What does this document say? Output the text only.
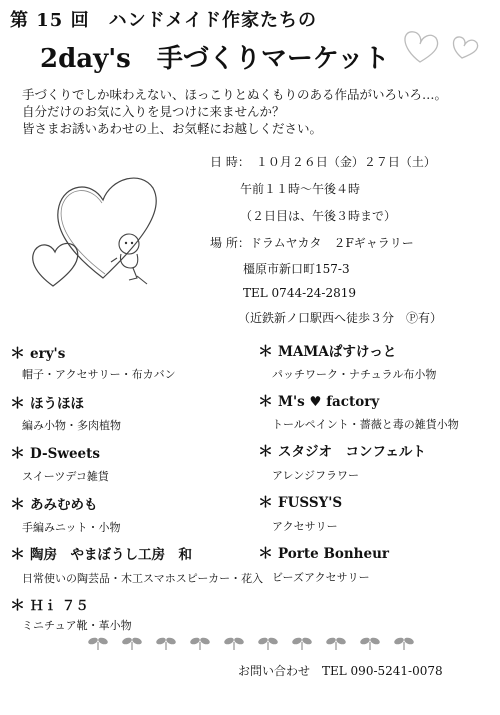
第 15 回　ハンドメイド作家たちの
2day's　手づくりマーケット
手づくりでしか味わえない、ほっこりとぬくもりのある作品がいろいろ…。
自分だけのお気に入りを見つけに来ませんか？
皆さまお誘いあわせの上、お気軽にお越しください。
日 時：　１０月２６日（金）２７日（土）
午前１１時～午後４時
（２日目は、午後３時まで）
場 所：ドラムヤカタ　２Fギャラリー
橿原市新口町157-3
TEL 0744-24-2819
（近鉄新ノ口駅西へ徒歩３分　Ⓟ有）
＊ ery's
帽子・アクセサリー・布カバン
＊ ほうほほ
編み小物・多肉植物
＊ D-Sweets
スイーツデコ雑貨
＊ あみむめも
手編みニット・小物
＊ 陶房　やまぼうし工房　和
日常使いの陶芸品・木工スマホスピーカー・花入
＊ Ｈｉ ７５
ミニチュア靴・革小物
＊ MAMAぱすけっと
パッチワーク・ナチュラル布小物
＊ M's ♥ factory
トールペイント・薔薇と毒の雑貨小物
＊ スタジオ　コンフェルト
アレンジフラワー
＊ FUSSY'S
アクセサリー
＊ Porte Bonheur
ビーズアクセサリー
お問い合わせ　TEL 090-5241-0078
